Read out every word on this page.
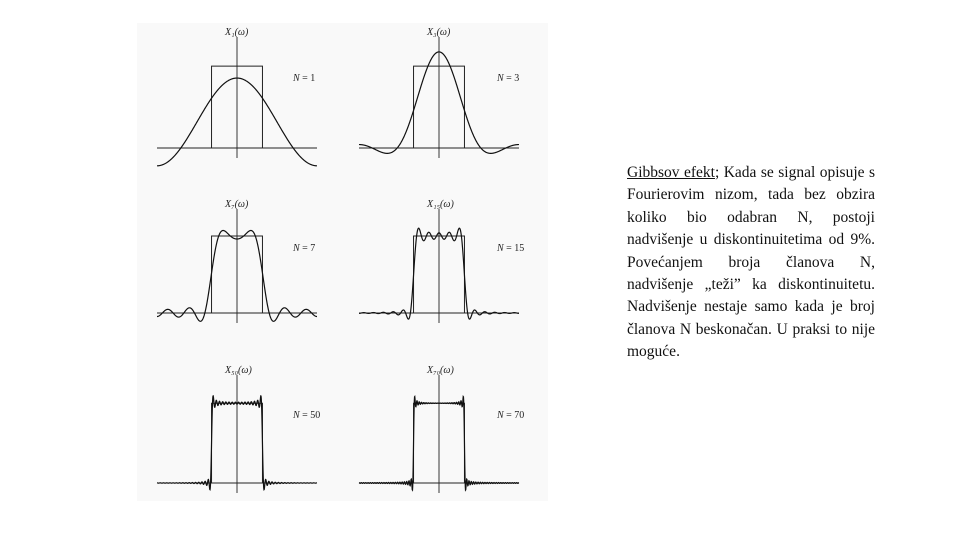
X₁(ω)
N = 1
X₃(ω)
N = 3
X₇(ω)
N = 7
X₁₅(ω)
N = 15
X₅₀(ω)
N = 50
X₇₀(ω)
N = 70
Gibbsov efekt; Kada se signal opisuje s Fourierovim nizom, tada bez obzira koliko bio odabran N, postoji nadvišenje u diskontinuitetima od 9%. Povećanjem broja članova N, nadvišenje „teži” ka diskontinuitetu. Nadvišenje nestaje samo kada je broj članova N beskonačan. U praksi to nije moguće.
